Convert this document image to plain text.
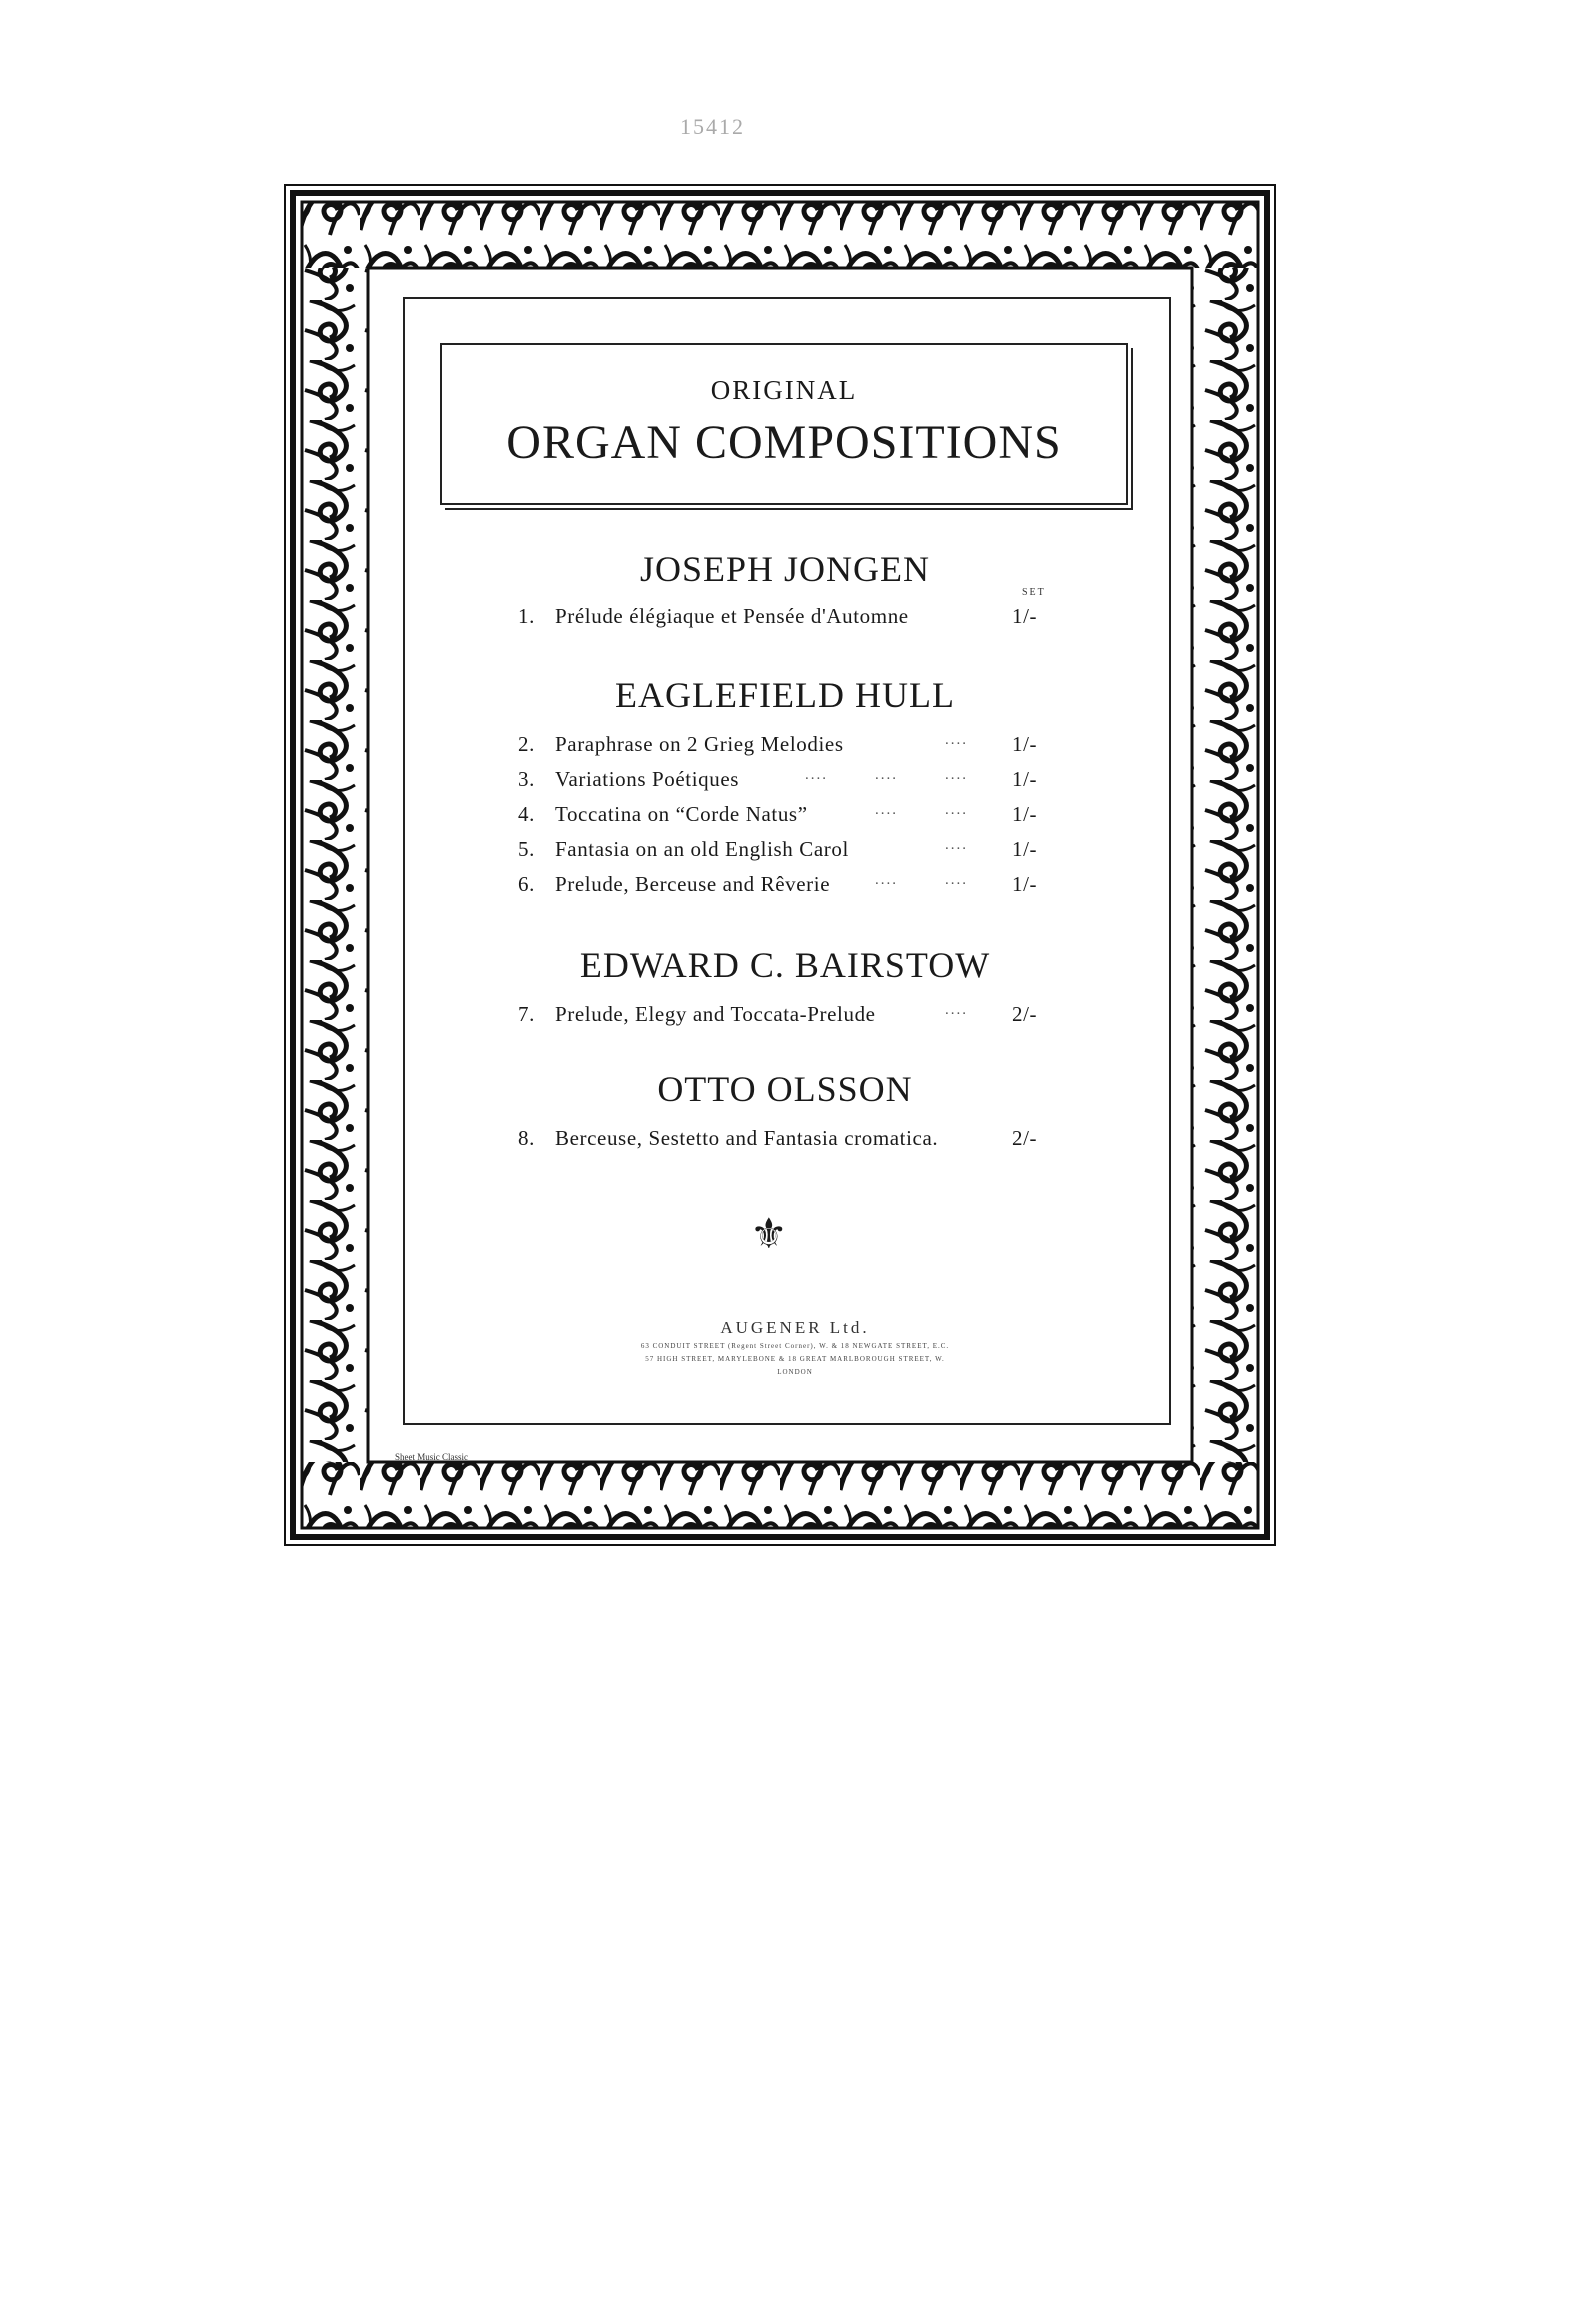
15412
ORIGINAL
ORGAN COMPOSITIONS
SET
JOSEPH JONGEN
1. Prélude élégiaque et Pensée d'Automne	1/-
EAGLEFIELD HULL
2. Paraphrase on 2 Grieg Melodies	.... 1/-
3. Variations Poétiques	....	....	.... 1/-
4. Toccatina on “Corde Natus”	....	.... 1/-
5. Fantasia on an old English Carol	.... 1/-
6. Prelude, Berceuse and Rêverie	....	.... 1/-
EDWARD C. BAIRSTOW
7. Prelude, Elegy and Toccata-Prelude	.... 2/-
OTTO OLSSON
8. Berceuse, Sestetto and Fantasia cromatica.	2/-
⚜
AUGENER Ltd.
63 CONDUIT STREET (Regent Street Corner), W. & 18 NEWGATE STREET, E.C.
57 HIGH STREET, MARYLEBONE & 18 GREAT MARLBOROUGH STREET, W.
LONDON
Sheet Music Classic
